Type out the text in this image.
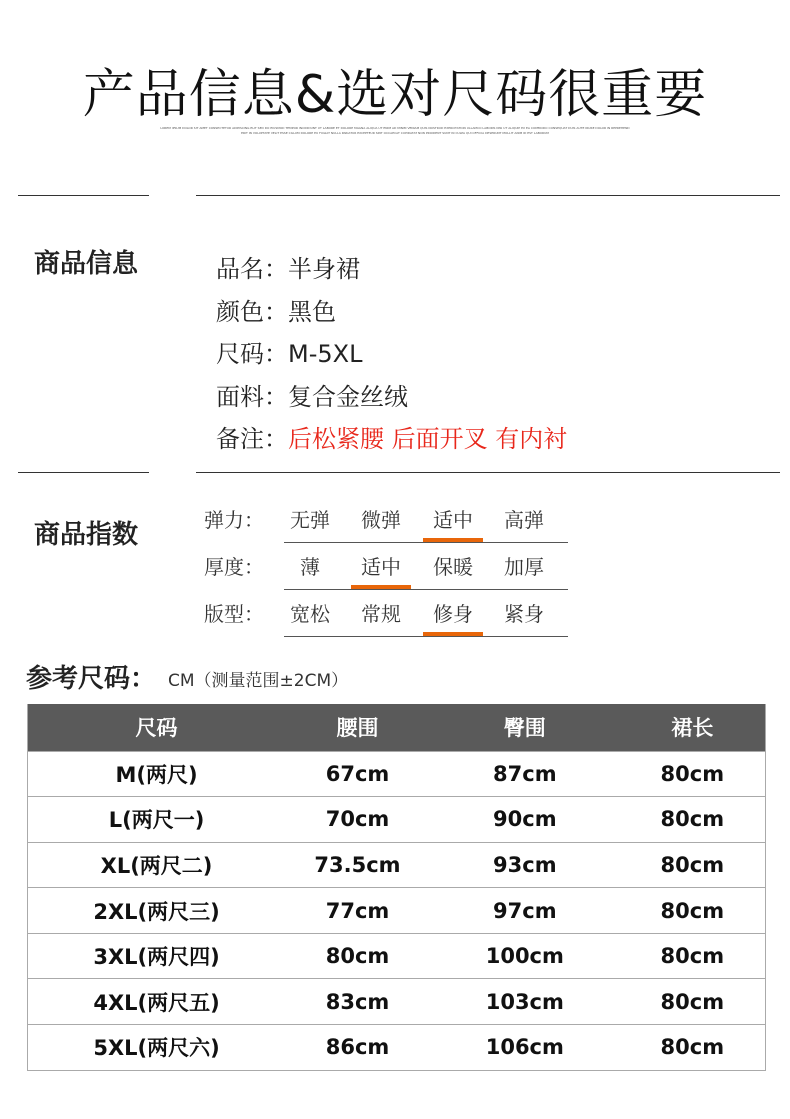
产品信息&选对尺码很重要
LOREM IPSUM DOLOR SIT AMET CONSECTETUR ADIPISCING ELIT SED DO EIUSMOD TEMPOR INCIDIDUNT UT LABORE ET DOLORE MAGNA ALIQUA UT ENIM AD MINIM VENIAM QUIS NOSTRUD EXERCITATION ULLAMCO LABORIS NISI UT ALIQUIP EX EA COMMODO CONSEQUAT DUIS AUTE IRURE DOLOR IN REPREHENDERIT IN VOLUPTATE VELIT ESSE CILLUM DOLORE EU FUGIAT NULLA PARIATUR EXCEPTEUR SINT OCCAECAT CUPIDATAT NON PROIDENT SUNT IN CULPA QUI OFFICIA DESERUNT MOLLIT ANIM ID EST LABORUM
商品信息	品名：半身裙
颜色：黑色
尺码：M-5XL
面料：复合金丝绒
备注：后松紧腰 后面开叉 有内衬
商品指数	弹力：	无弹	微弹	适中	高弹
厚度：	薄	适中	保暖	加厚
版型：	宽松	常规	修身	紧身
参考尺码： CM（测量范围±2CM）
尺码	腰围	臀围	裙长
M(两尺)	67cm	87cm	80cm
L(两尺一)	70cm	90cm	80cm
XL(两尺二)	73.5cm	93cm	80cm
2XL(两尺三)	77cm	97cm	80cm
3XL(两尺四)	80cm	100cm	80cm
4XL(两尺五)	83cm	103cm	80cm
5XL(两尺六)	86cm	106cm	80cm
